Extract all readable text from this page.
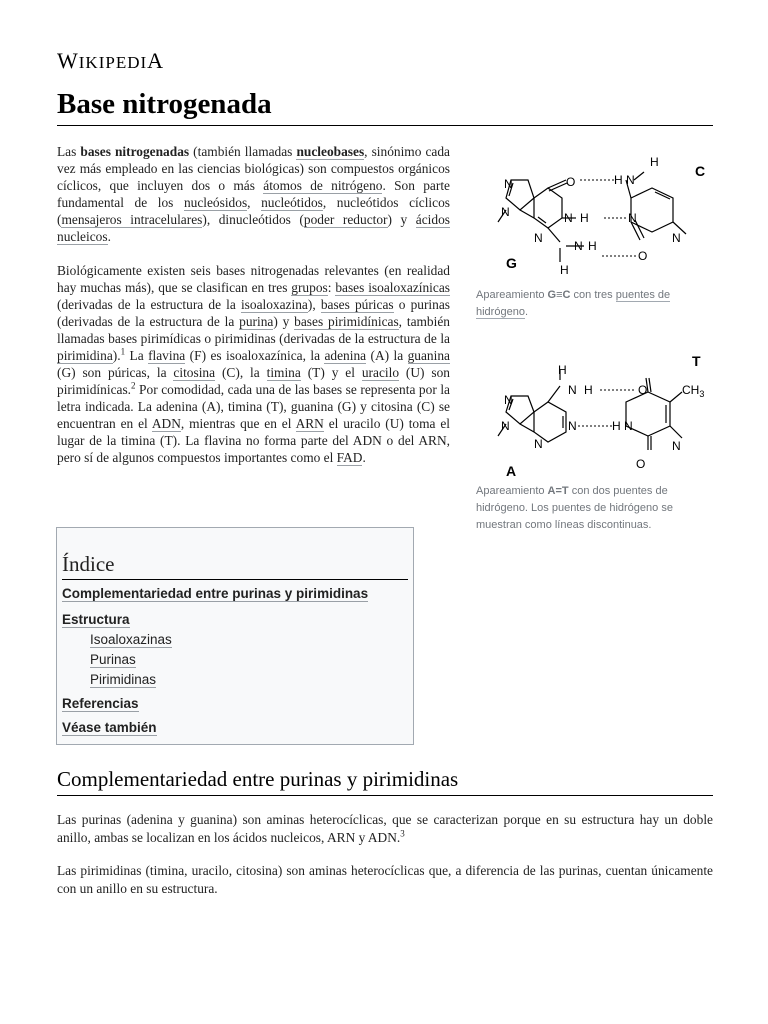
WIKIPEDIA
Base nitrogenada
Las bases nitrogenadas (también llamadas nucleobases, sinónimo cada vez más empleado en las ciencias biológicas) son compuestos orgánicos cíclicos, que incluyen dos o más átomos de nitrógeno. Son parte fundamental de los nucleósidos, nucleótidos, nucleótidos cíclicos (mensajeros intracelulares), dinucleótidos (poder reductor) y ácidos nucleicos.
Biológicamente existen seis bases nitrogenadas relevantes (en realidad hay muchas más), que se clasifican en tres grupos: bases isoaloxazínicas (derivadas de la estructura de la isoaloxazina), bases púricas o purinas (derivadas de la estructura de la purina) y bases pirimidínicas, también llamadas bases pirimídicas o pirimidinas (derivadas de la estructura de la pirimidina).$^1$ La flavina (F) es isoaloxazínica, la adenina (A) la guanina (G) son púricas, la citosina (C), la timina (T) y el uracilo (U) son pirimidínicas.$^2$ Por comodidad, cada una de las bases se representa por la letra indicada. La adenina (A), timina (T), guanina (G) y citosina (C) se encuentran en el ADN, mientras que en el ARN el uracilo (U) toma el lugar de la timina (T). La flavina no forma parte del ADN o del ARN, pero sí de algunos compuestos importantes como el FAD.
Índice
Complementariedad entre purinas y pirimidinas
Estructura
Isoaloxazinas
Purinas
Pirimidinas
Referencias
Véase también
Complementariedad entre purinas y pirimidinas
Las purinas (adenina y guanina) son aminas heterocíclicas, que se caracterizan porque en su estructura hay un doble anillo, ambas se localizan en los ácidos nucleicos, ARN y ADN.$^3$
Las pirimidinas (timina, uracilo, citosina) son aminas heterocíclicas que, a diferencia de las purinas, cuentan únicamente con un anillo en su estructura.
N
N
O
N H
N
N H
H
H N
H
N
O
N
G
C
Apareamiento G≡C con tres puentes de hidrógeno.
H
N H
N
N	N
N
O
H N
O
N
$CH_3$
A
T
Apareamiento A=T con dos puentes de hidrógeno. Los puentes de hidrógeno se muestran como líneas discontinuas.
